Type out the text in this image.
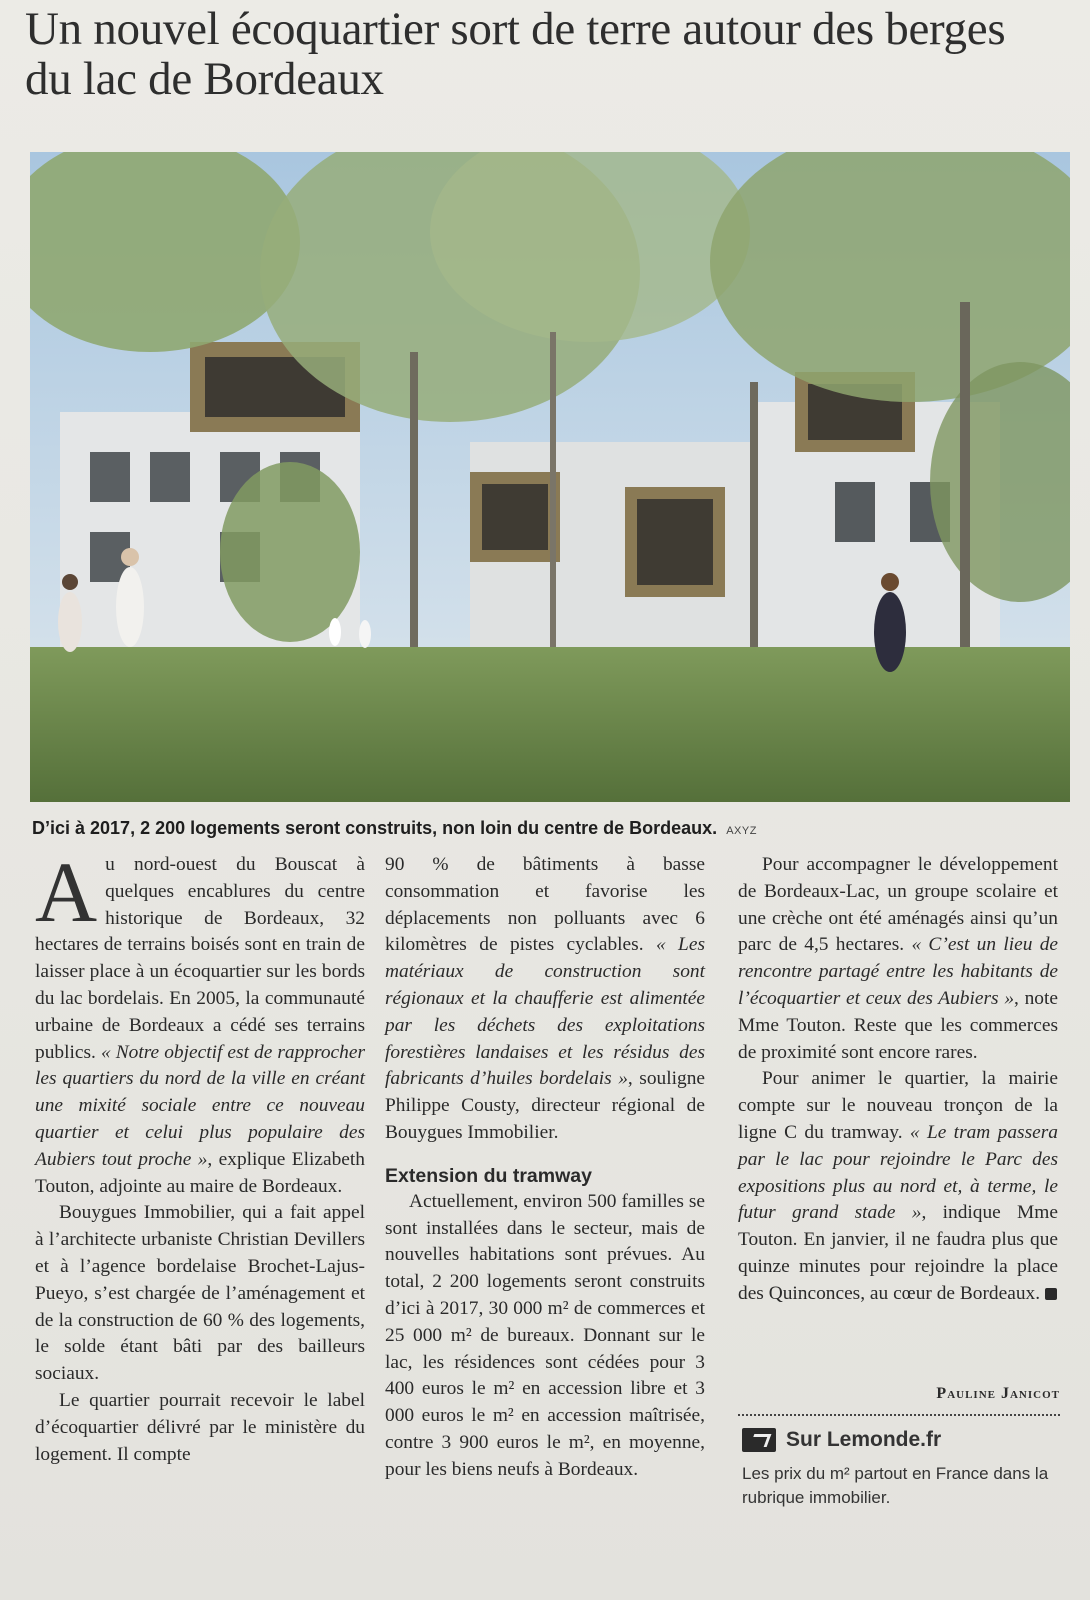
Un nouvel écoquartier sort de terre autour des berges du lac de Bordeaux
D’ici à 2017, 2 200 logements seront construits, non loin du centre de Bordeaux. AXYZ

Au nord-ouest du Bouscat à quelques encablures du centre historique de Bordeaux, 32 hectares de terrains boisés sont en train de laisser place à un écoquartier sur les bords du lac bordelais. En 2005, la communauté urbaine de Bordeaux a cédé ses terrains publics. « Notre objectif est de rapprocher les quartiers du nord de la ville en créant une mixité sociale entre ce nouveau quartier et celui plus populaire des Aubiers tout proche », explique Elizabeth Touton, adjointe au maire de Bordeaux.

Bouygues Immobilier, qui a fait appel à l’architecte urbaniste Christian Devillers et à l’agence bordelaise Brochet-Lajus-Pueyo, s’est chargée de l’aménagement et de la construction de 60 % des logements, le solde étant bâti par des bailleurs sociaux.

Le quartier pourrait recevoir le label d’écoquartier délivré par le ministère du logement. Il compte

90 % de bâtiments à basse consommation et favorise les déplacements non polluants avec 6 kilomètres de pistes cyclables. « Les matériaux de construction sont régionaux et la chaufferie est alimentée par les déchets des exploitations forestières landaises et les résidus des fabricants d’huiles bordelais », souligne Philippe Cousty, directeur régional de Bouygues Immobilier.

Extension du tramway

Actuellement, environ 500 familles se sont installées dans le secteur, mais de nouvelles habitations sont prévues. Au total, 2 200 logements seront construits d’ici à 2017, 30 000 m² de commerces et 25 000 m² de bureaux. Donnant sur le lac, les résidences sont cédées pour 3 400 euros le m² en accession libre et 3 000 euros le m² en accession maîtrisée, contre 3 900 euros le m², en moyenne, pour les biens neufs à Bordeaux.

Pour accompagner le développement de Bordeaux-Lac, un groupe scolaire et une crèche ont été aménagés ainsi qu’un parc de 4,5 hectares. « C’est un lieu de rencontre partagé entre les habitants de l’écoquartier et ceux des Aubiers », note Mme Touton. Reste que les commerces de proximité sont encore rares.

Pour animer le quartier, la mairie compte sur le nouveau tronçon de la ligne C du tramway. « Le tram passera par le lac pour rejoindre le Parc des expositions plus au nord et, à terme, le futur grand stade », indique Mme Touton. En janvier, il ne faudra plus que quinze minutes pour rejoindre la place des Quinconces, au cœur de Bordeaux.

Pauline Janicot
Sur Lemonde.fr
Les prix du m² partout en France dans la rubrique immobilier.
